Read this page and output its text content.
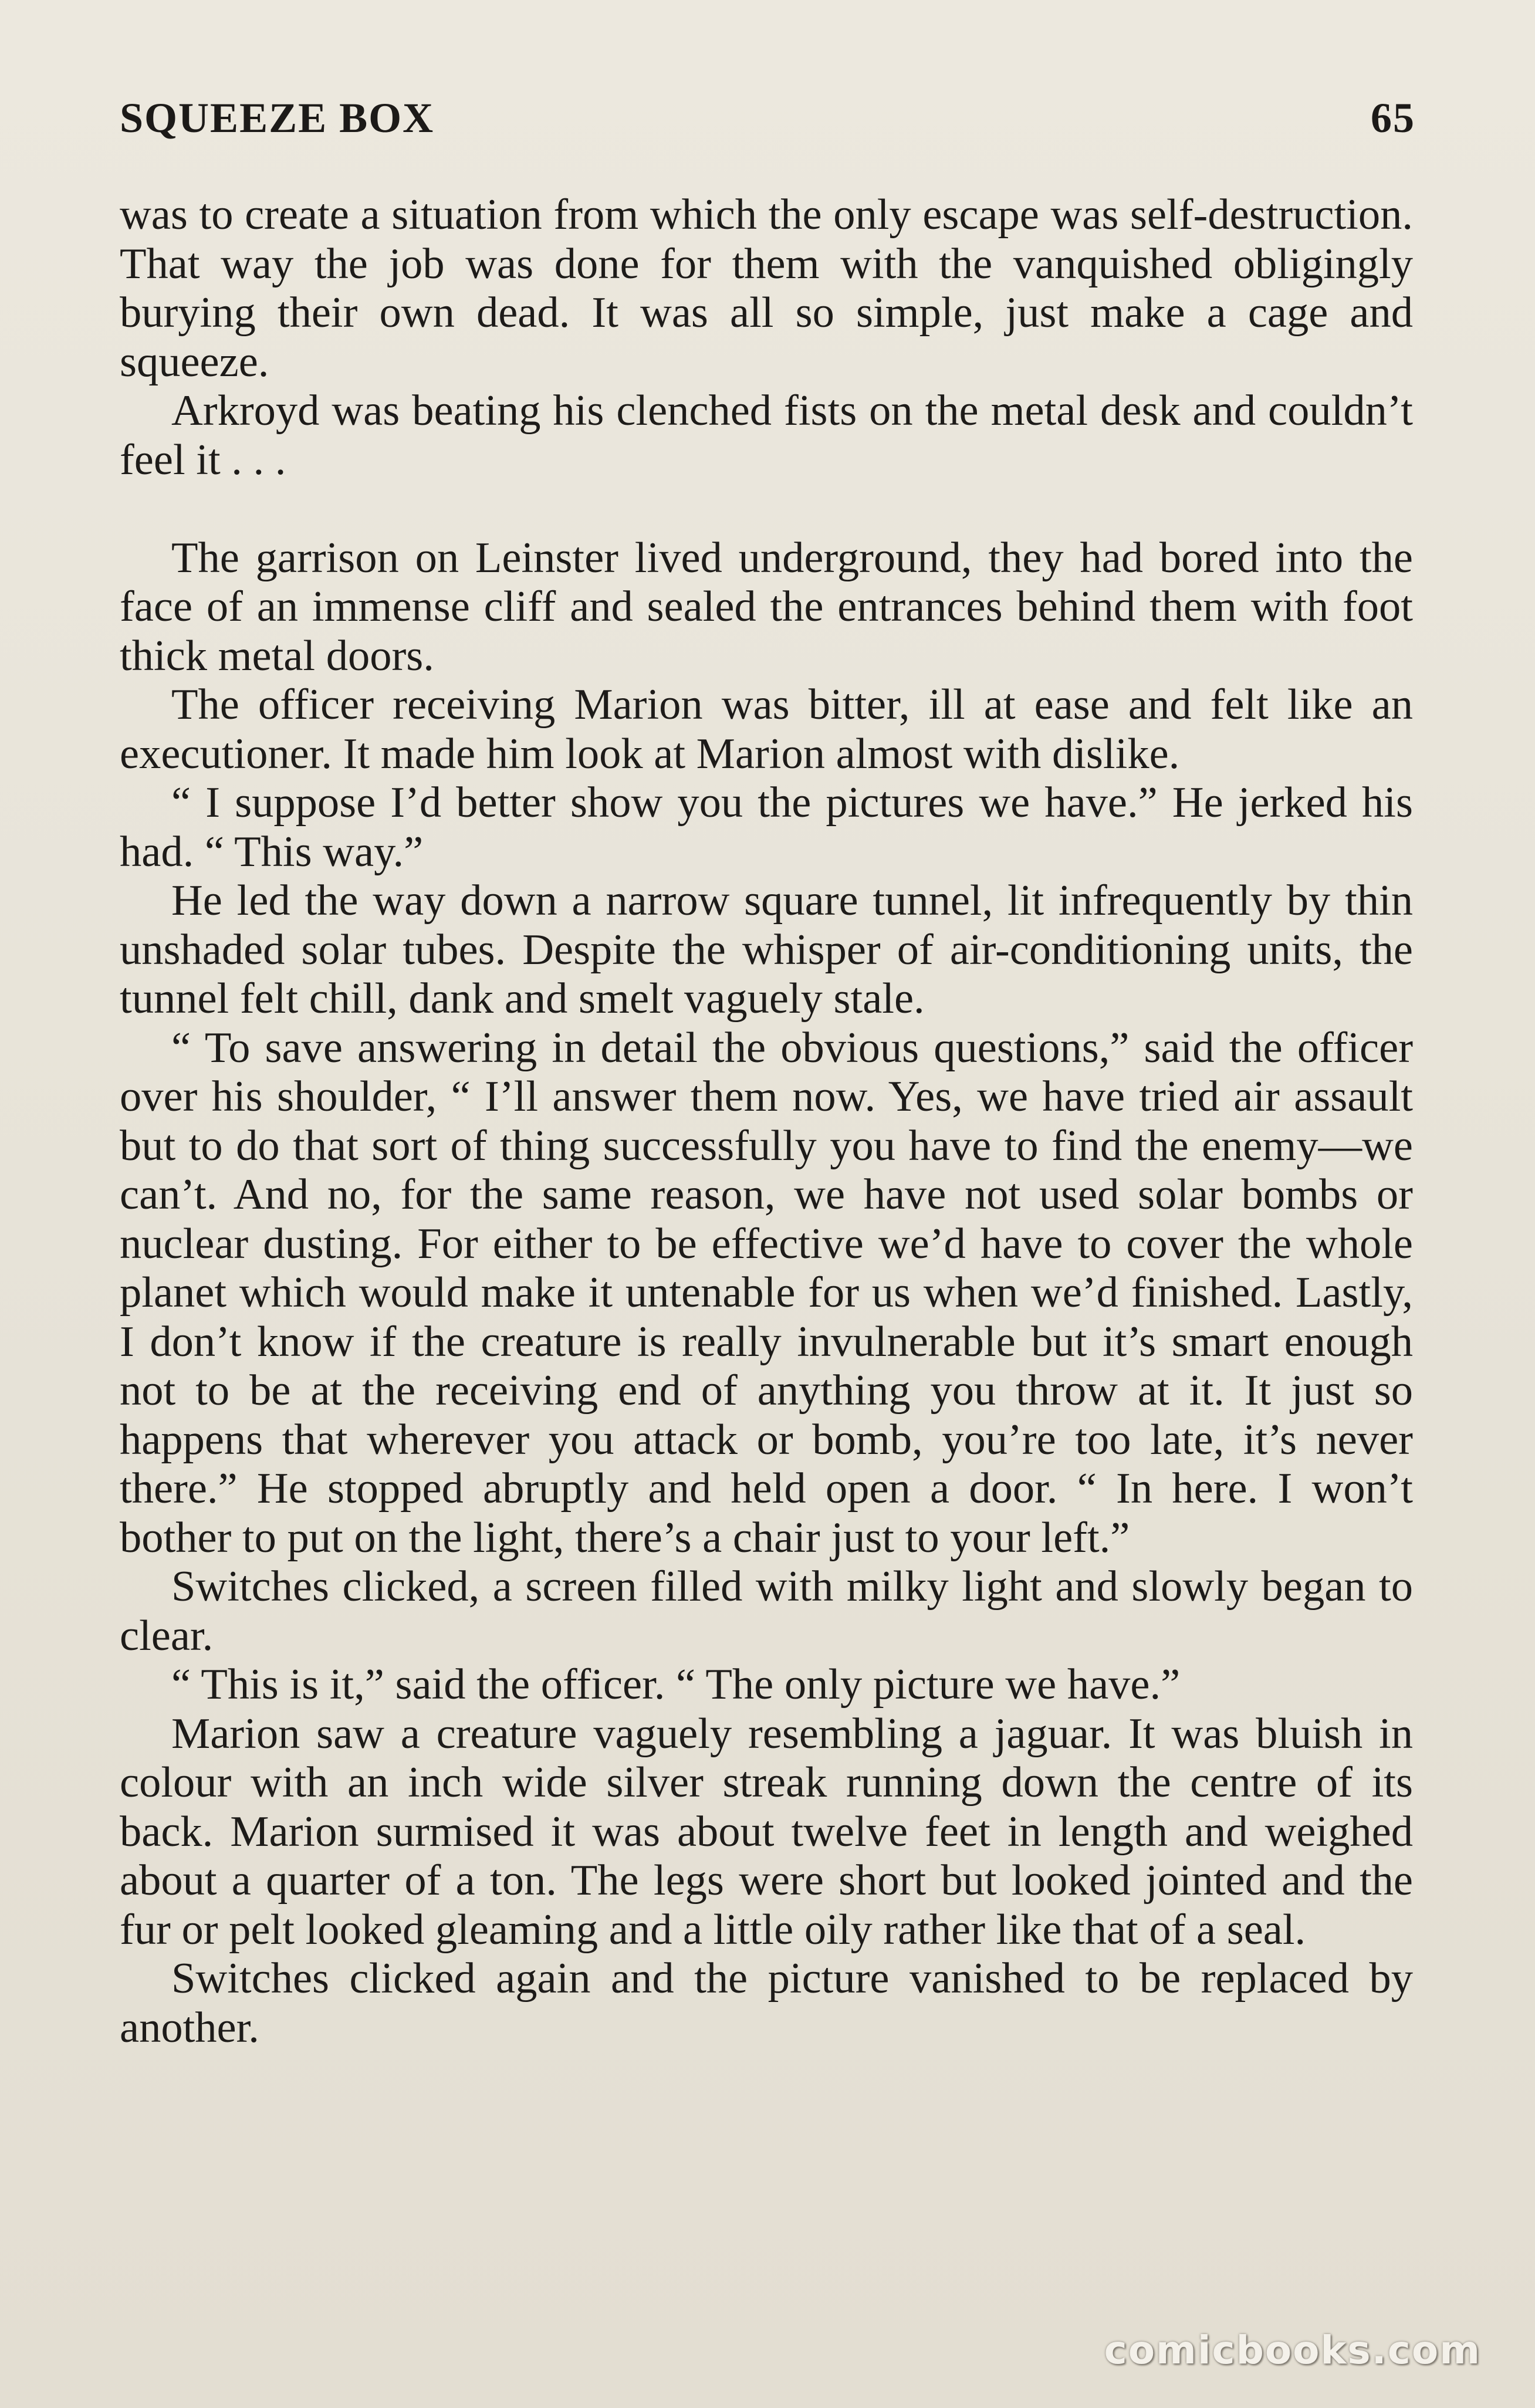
SQUEEZE BOX	65

was to create a situation from which the only escape was self-destruction. That way the job was done for them with the vanquished obligingly burying their own dead. It was all so simple, just make a cage and squeeze.

Arkroyd was beating his clenched fists on the metal desk and couldn’t feel it . . .

The garrison on Leinster lived underground, they had bored into the face of an immense cliff and sealed the entrances behind them with foot thick metal doors.

The officer receiving Marion was bitter, ill at ease and felt like an executioner. It made him look at Marion almost with dislike.

“ I suppose I’d better show you the pictures we have.” He jerked his had. “ This way.”

He led the way down a narrow square tunnel, lit infrequently by thin unshaded solar tubes. Despite the whisper of air-conditioning units, the tunnel felt chill, dank and smelt vaguely stale.

“ To save answering in detail the obvious questions,” said the officer over his shoulder, “ I’ll answer them now. Yes, we have tried air assault but to do that sort of thing successfully you have to find the enemy—we can’t. And no, for the same reason, we have not used solar bombs or nuclear dusting. For either to be effective we’d have to cover the whole planet which would make it untenable for us when we’d finished. Lastly, I don’t know if the creature is really invulnerable but it’s smart enough not to be at the receiving end of anything you throw at it. It just so happens that wherever you attack or bomb, you’re too late, it’s never there.” He stopped abruptly and held open a door. “ In here. I won’t bother to put on the light, there’s a chair just to your left.”

Switches clicked, a screen filled with milky light and slowly began to clear.

“ This is it,” said the officer. “ The only picture we have.”

Marion saw a creature vaguely resembling a jaguar. It was bluish in colour with an inch wide silver streak running down the centre of its back. Marion surmised it was about twelve feet in length and weighed about a quarter of a ton. The legs were short but looked jointed and the fur or pelt looked gleaming and a little oily rather like that of a seal.

Switches clicked again and the picture vanished to be replaced by another.

comicbooks.com
